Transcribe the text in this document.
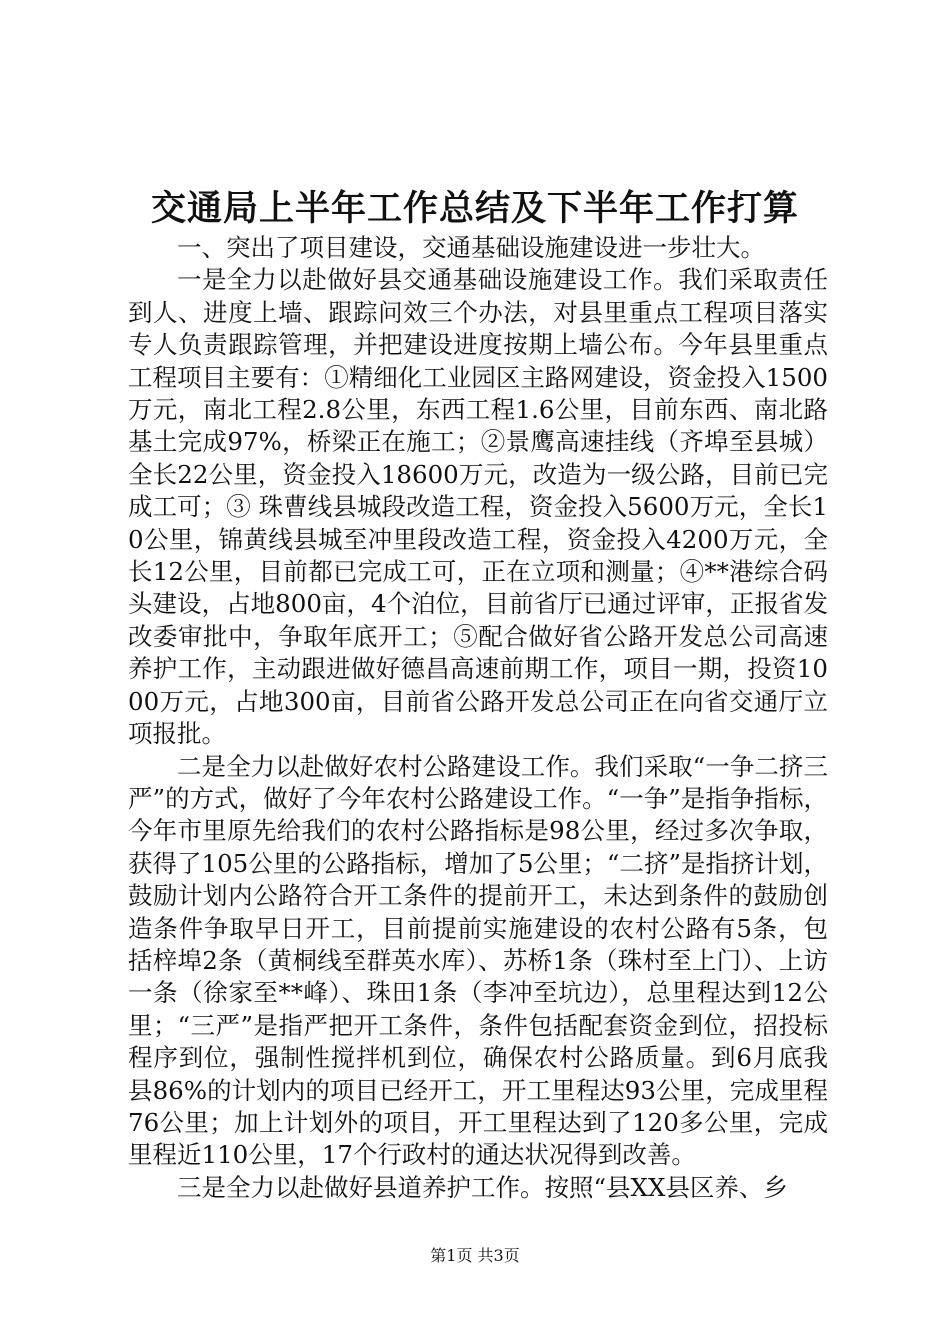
交通局上半年工作总结及下半年工作打算

一、突出了项目建设，交通基础设施建设进一步壮大。

一是全力以赴做好县交通基础设施建设工作。我们采取责任到人、进度上墙、跟踪问效三个办法，对县里重点工程项目落实专人负责跟踪管理，并把建设进度按期上墙公布。今年县里重点工程项目主要有：①精细化工业园区主路网建设，资金投入1500万元，南北工程2.8公里，东西工程1.6公里，目前东西、南北路基土完成97%，桥梁正在施工；②景鹰高速挂线（齐埠至县城）全长22公里，资金投入18600万元，改造为一级公路，目前已完成工可；③ 珠曹线县城段改造工程，资金投入5600万元，全长10公里，锦黄线县城至冲里段改造工程，资金投入4200万元，全长12公里，目前都已完成工可，正在立项和测量；④**港综合码头建设，占地800亩，4个泊位，目前省厅已通过评审，正报省发改委审批中，争取年底开工；⑤配合做好省公路开发总公司高速养护工作，主动跟进做好德昌高速前期工作，项目一期，投资1000万元，占地300亩，目前省公路开发总公司正在向省交通厅立项报批。

二是全力以赴做好农村公路建设工作。我们采取“一争二挤三严”的方式，做好了今年农村公路建设工作。“一争”是指争指标，今年市里原先给我们的农村公路指标是98公里，经过多次争取，获得了105公里的公路指标，增加了5公里；“二挤”是指挤计划，鼓励计划内公路符合开工条件的提前开工，未达到条件的鼓励创造条件争取早日开工，目前提前实施建设的农村公路有5条，包括梓埠2条（黄桐线至群英水库）、苏桥1条（珠村至上门）、上访一条（徐家至**峰）、珠田1条（李冲至坑边），总里程达到12公里；“三严”是指严把开工条件，条件包括配套资金到位，招投标程序到位，强制性搅拌机到位，确保农村公路质量。到6月底我县86%的计划内的项目已经开工，开工里程达93公里，完成里程76公里；加上计划外的项目，开工里程达到了120多公里，完成里程近110公里，17个行政村的通达状况得到改善。

三是全力以赴做好县道养护工作。按照“县XX县区养、乡

第1页 共3页
